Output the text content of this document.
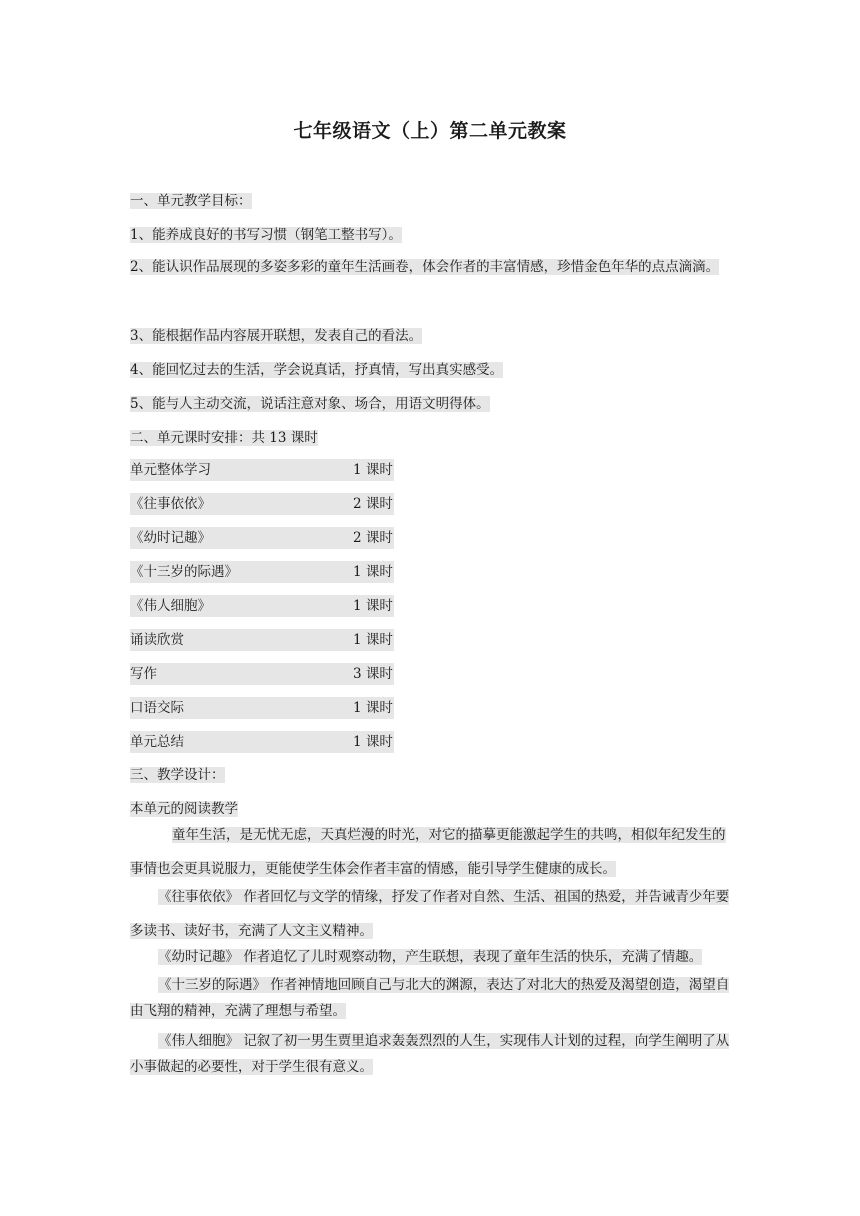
七年级语文（上）第二单元教案
一、单元教学目标：
1、能养成良好的书写习惯（钢笔工整书写）。
2、能认识作品展现的多姿多彩的童年生活画卷，体会作者的丰富情感，珍惜金色年华的点点滴滴。
3、能根据作品内容展开联想，发表自己的看法。
4、能回忆过去的生活，学会说真话，抒真情，写出真实感受。
5、能与人主动交流，说话注意对象、场合，用语文明得体。
二、单元课时安排：共 13 课时
单元整体学习	1 课时
《往事依依》	2 课时
《幼时记趣》	2 课时
《十三岁的际遇》	1 课时
《伟人细胞》	1 课时
诵读欣赏	1 课时
写作	3 课时
口语交际	1 课时
单元总结	1 课时
三、教学设计：
本单元的阅读教学
童年生活，是无忧无虑，天真烂漫的时光，对它的描摹更能激起学生的共鸣，相似年纪发生的事情也会更具说服力，更能使学生体会作者丰富的情感，能引导学生健康的成长。
《往事依依》 作者回忆与文学的情缘，抒发了作者对自然、生活、祖国的热爱，并告诫青少年要多读书、读好书，充满了人文主义精神。
《幼时记趣》 作者追忆了儿时观察动物，产生联想，表现了童年生活的快乐，充满了情趣。
《十三岁的际遇》 作者神情地回顾自己与北大的渊源，表达了对北大的热爱及渴望创造，渴望自由飞翔的精神，充满了理想与希望。
《伟人细胞》 记叙了初一男生贾里追求轰轰烈烈的人生，实现伟人计划的过程，向学生阐明了从小事做起的必要性，对于学生很有意义。
